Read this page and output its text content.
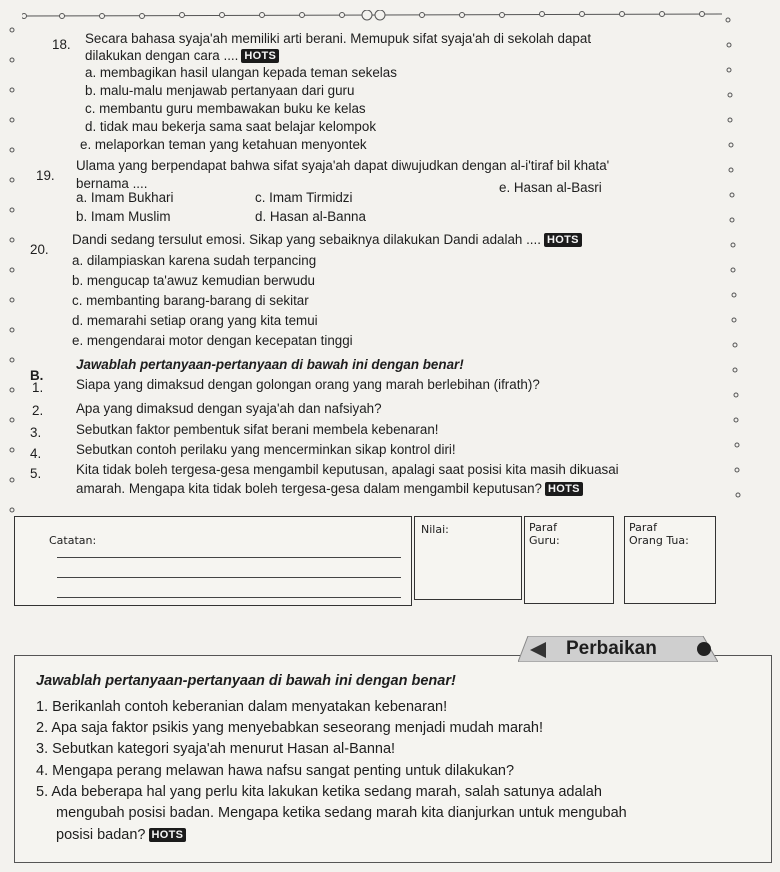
18. Secara bahasa syaja'ah memiliki arti berani. Memupuk sifat syaja'ah di sekolah dapat
dilakukan dengan cara .... HOTS
a. membagikan hasil ulangan kepada teman sekelas
b. malu-malu menjawab pertanyaan dari guru
c. membantu guru membawakan buku ke kelas
d. tidak mau bekerja sama saat belajar kelompok
e. melaporkan teman yang ketahuan menyontek
19.
Ulama yang berpendapat bahwa sifat syaja'ah dapat diwujudkan dengan al-i'tiraf bil khata'
bernama ....
a. Imam Bukhari
b. Imam Muslim
c. Imam Tirmidzi
d. Hasan al-Banna
e. Hasan al-Basri
20.
Dandi sedang tersulut emosi. Sikap yang sebaiknya dilakukan Dandi adalah .... HOTS
a. dilampiaskan karena sudah terpancing
b. mengucap ta'awuz kemudian berwudu
c. membanting barang-barang di sekitar
d. memarahi setiap orang yang kita temui
e. mengendarai motor dengan kecepatan tinggi
B.
Jawablah pertanyaan-pertanyaan di bawah ini dengan benar!
1. Siapa yang dimaksud dengan golongan orang yang marah berlebihan (ifrath)?
2. Apa yang dimaksud dengan syaja'ah dan nafsiyah?
3.	Sebutkan faktor pembentuk sifat berani membela kebenaran!
4.	Sebutkan contoh perilaku yang mencerminkan sikap kontrol diri!
5.	Kita tidak boleh tergesa-gesa mengambil keputusan, apalagi saat posisi kita masih dikuasai
amarah. Mengapa kita tidak boleh tergesa-gesa dalam mengambil keputusan? HOTS
Catatan:
Nilai:	Paraf
Guru:
Paraf
Orang Tua:
Perbaikan
Jawablah pertanyaan-pertanyaan di bawah ini dengan benar!
1. Berikanlah contoh keberanian dalam menyatakan kebenaran!
2. Apa saja faktor psikis yang menyebabkan seseorang menjadi mudah marah!
3. Sebutkan kategori syaja'ah menurut Hasan al-Banna!
4. Mengapa perang melawan hawa nafsu sangat penting untuk dilakukan?
5. Ada beberapa hal yang perlu kita lakukan ketika sedang marah, salah satunya adalah
mengubah posisi badan. Mengapa ketika sedang marah kita dianjurkan untuk mengubah
posisi badan? HOTS
